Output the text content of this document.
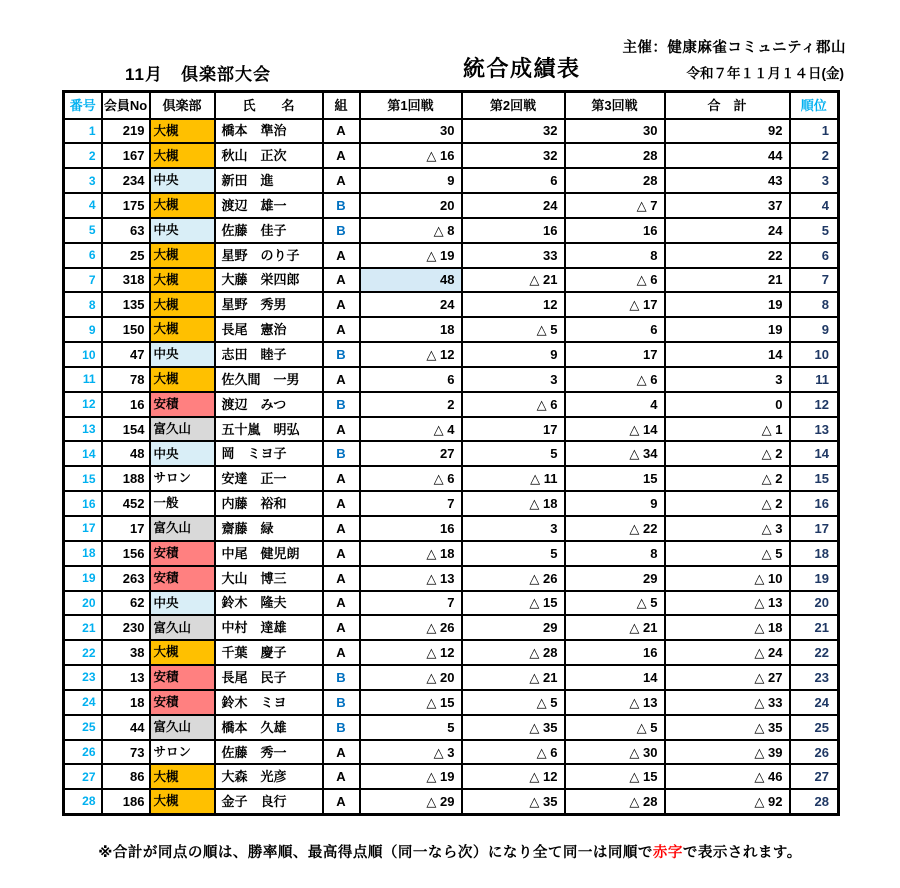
主催：健康麻雀コミュニティ郡山
11月　倶楽部大会	統合成績表	令和７年１１月１４日(金)
番号	会員No	倶楽部	氏　　名	組	第1回戦	第2回戦	第3回戦	合　計	順位
1	219	大槻	橋本　準治	A	30	32	30	92	1
2	167	大槻	秋山　正次	A	△ 16	32	28	44	2
3	234	中央	新田　進	A	9	6	28	43	3
4	175	大槻	渡辺　雄一	B	20	24	△ 7	37	4
5	63	中央	佐藤　佳子	B	△ 8	16	16	24	5
6	25	大槻	星野　のり子	A	△ 19	33	8	22	6
7	318	大槻	大藤　栄四郎	A	48	△ 21	△ 6	21	7
8	135	大槻	星野　秀男	A	24	12	△ 17	19	8
9	150	大槻	長尾　憲治	A	18	△ 5	6	19	9
10	47	中央	志田　睦子	B	△ 12	9	17	14	10
11	78	大槻	佐久間　一男	A	6	3	△ 6	3	11
12	16	安積	渡辺　みつ	B	2	△ 6	4	0	12
13	154	富久山	五十嵐　明弘	A	△ 4	17	△ 14	△ 1	13
14	48	中央	岡　ミヨ子	B	27	5	△ 34	△ 2	14
15	188	サロン	安達　正一	A	△ 6	△ 11	15	△ 2	15
16	452	一般	内藤　裕和	A	7	△ 18	9	△ 2	16
17	17	富久山	齋藤　緑	A	16	3	△ 22	△ 3	17
18	156	安積	中尾　健児朗	A	△ 18	5	8	△ 5	18
19	263	安積	大山　博三	A	△ 13	△ 26	29	△ 10	19
20	62	中央	鈴木　隆夫	A	7	△ 15	△ 5	△ 13	20
21	230	富久山	中村　達雄	A	△ 26	29	△ 21	△ 18	21
22	38	大槻	千葉　慶子	A	△ 12	△ 28	16	△ 24	22
23	13	安積	長尾　民子	B	△ 20	△ 21	14	△ 27	23
24	18	安積	鈴木　ミヨ	B	△ 15	△ 5	△ 13	△ 33	24
25	44	富久山	橋本　久雄	B	5	△ 35	△ 5	△ 35	25
26	73	サロン	佐藤　秀一	A	△ 3	△ 6	△ 30	△ 39	26
27	86	大槻	大森　光彦	A	△ 19	△ 12	△ 15	△ 46	27
28	186	大槻	金子　良行	A	△ 29	△ 35	△ 28	△ 92	28
※合計が同点の順は、勝率順、最高得点順（同一なら次）になり全て同一は同順で赤字で表示されます。
